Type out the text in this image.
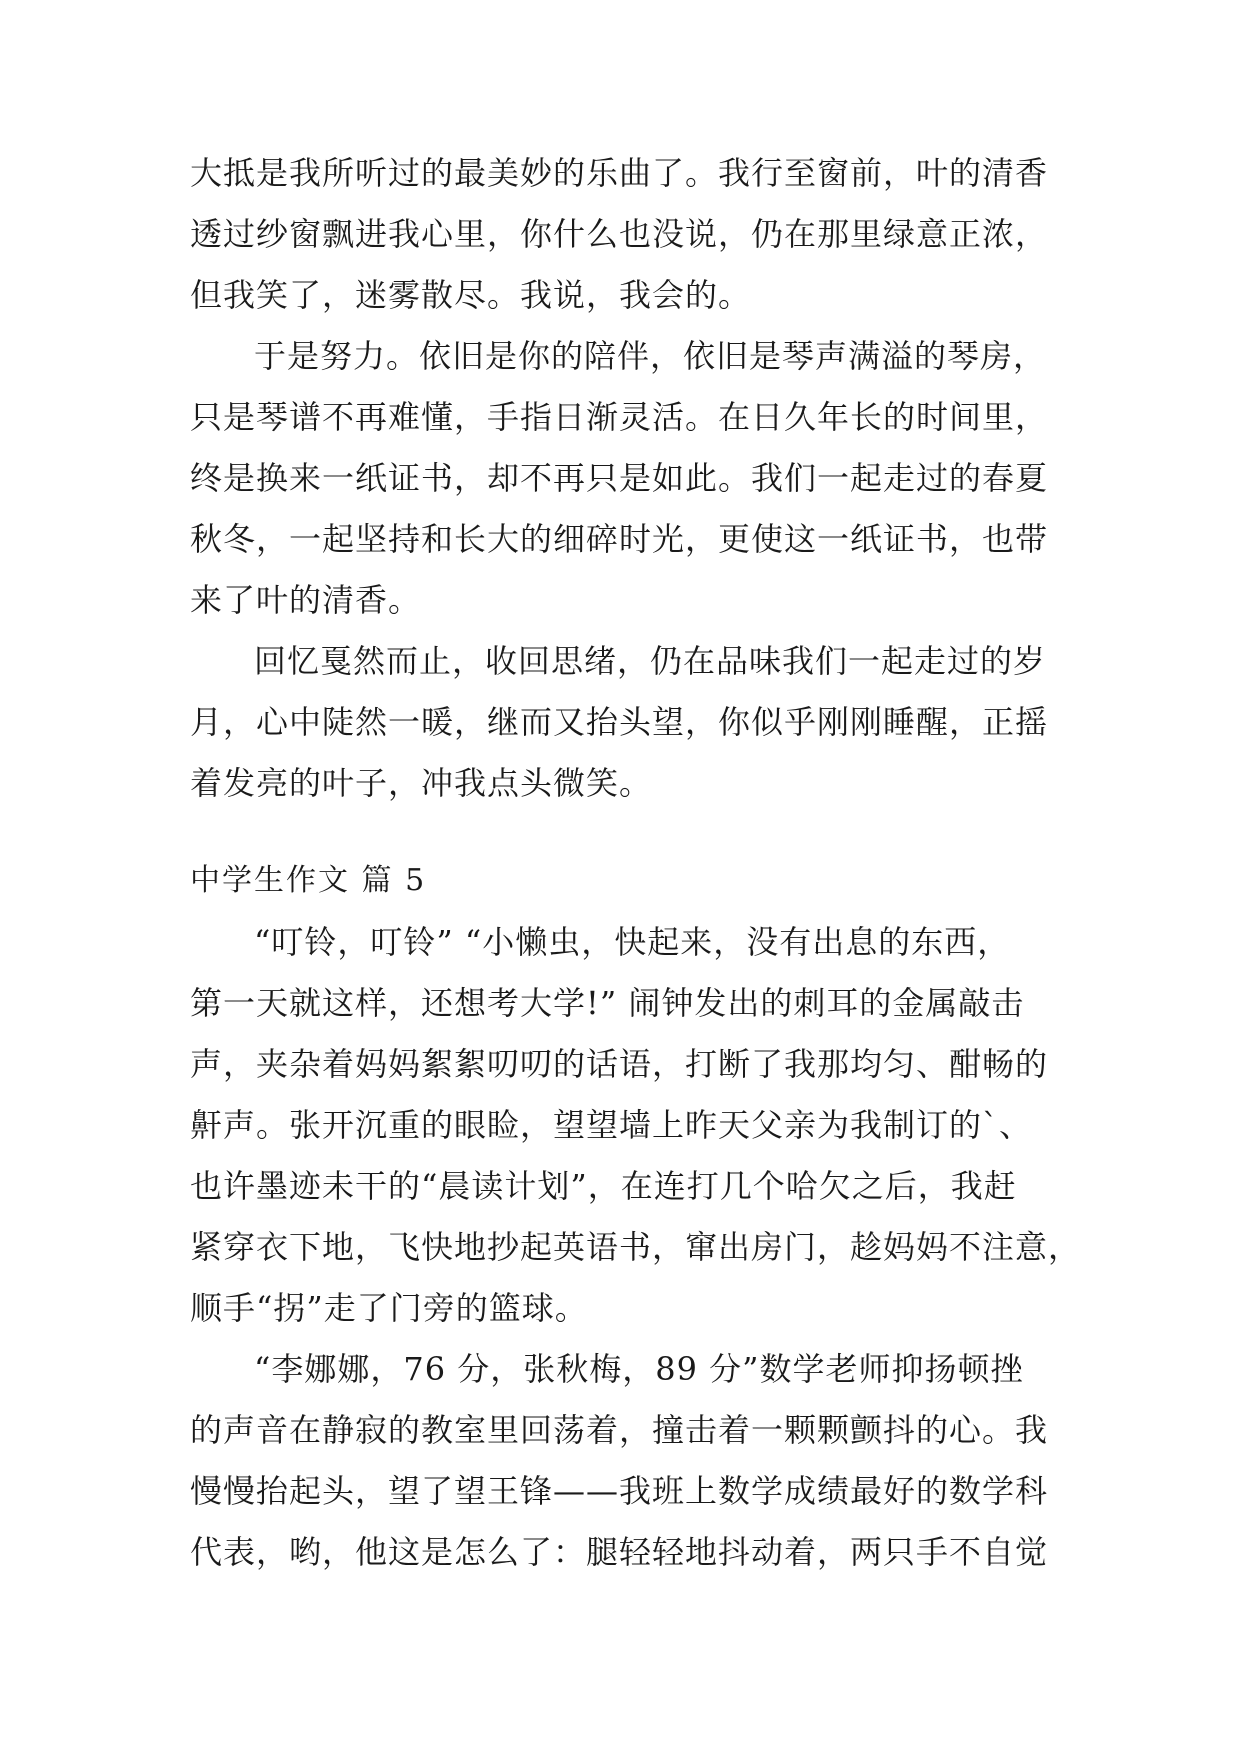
大抵是我所听过的最美妙的乐曲了。我行至窗前，叶的清香
透过纱窗飘进我心里，你什么也没说，仍在那里绿意正浓，
但我笑了，迷雾散尽。我说，我会的。
于是努力。依旧是你的陪伴，依旧是琴声满溢的琴房，
只是琴谱不再难懂，手指日渐灵活。在日久年长的时间里，
终是换来一纸证书，却不再只是如此。我们一起走过的春夏
秋冬，一起坚持和长大的细碎时光，更使这一纸证书，也带
来了叶的清香。
回忆戛然而止，收回思绪，仍在品味我们一起走过的岁
月，心中陡然一暖，继而又抬头望，你似乎刚刚睡醒，正摇
着发亮的叶子，冲我点头微笑。
中学生作文 篇 5
“叮铃，叮铃” “小懒虫，快起来，没有出息的东西，
第一天就这样，还想考大学!” 闹钟发出的刺耳的金属敲击
声，夹杂着妈妈絮絮叨叨的话语，打断了我那均匀、酣畅的
鼾声。张开沉重的眼睑，望望墙上昨天父亲为我制订的`、
也许墨迹未干的“晨读计划”，在连打几个哈欠之后，我赶
紧穿衣下地，飞快地抄起英语书，窜出房门，趁妈妈不注意，
顺手“拐”走了门旁的篮球。
“李娜娜，76 分，张秋梅，89 分”数学老师抑扬顿挫
的声音在静寂的教室里回荡着，撞击着一颗颗颤抖的心。我
慢慢抬起头，望了望王锋——我班上数学成绩最好的数学科
代表，哟，他这是怎么了：腿轻轻地抖动着，两只手不自觉
